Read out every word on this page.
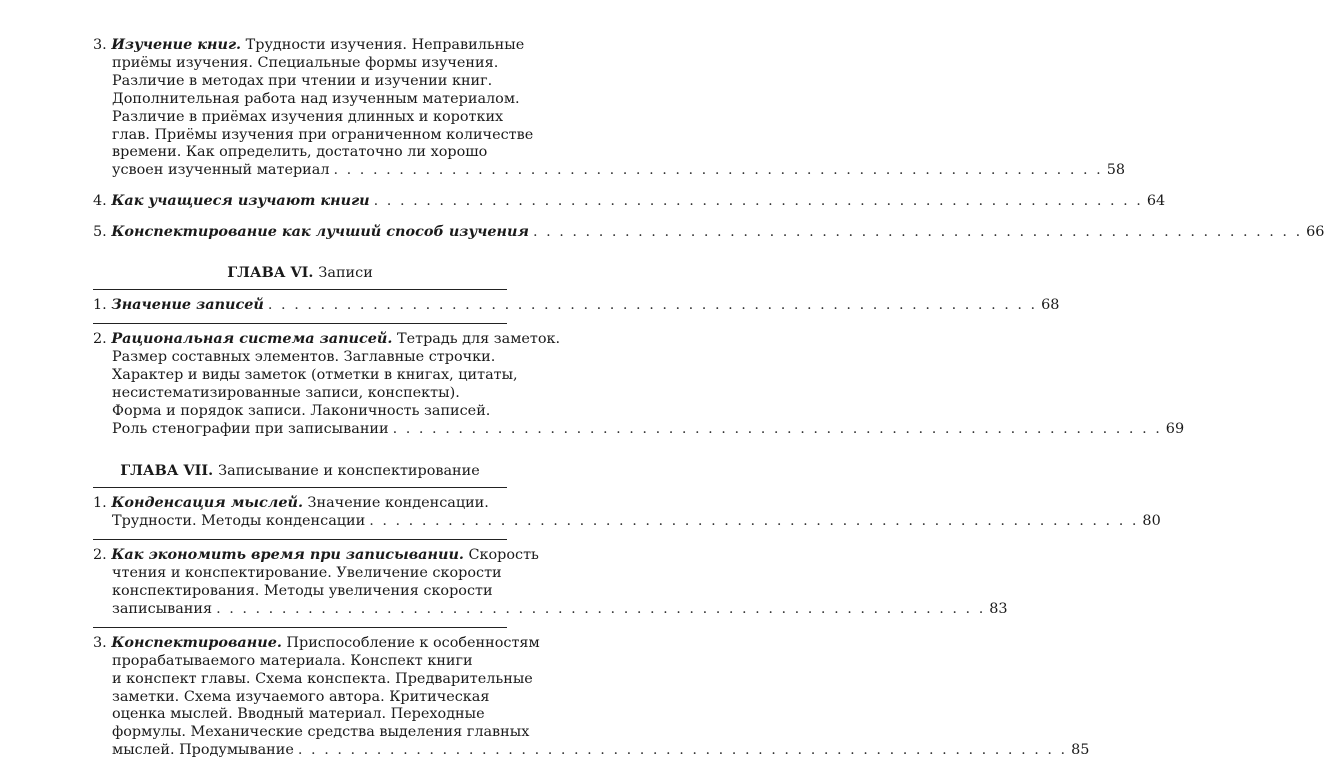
3. Изучение книг. Трудности изучения. Неправильные
приёмы изучения. Специальные формы изучения.
Различие в методах при чтении и изучении книг.
Дополнительная работа над изученным материалом.
Различие в приёмах изучения длинных и коротких
глав. Приёмы изучения при ограниченном количестве
времени. Как определить, достаточно ли хорошо
усвоен изученный материал . . .	58
4. Как учащиеся изучают книги . . .	64
5. Конспектирование как лучший способ изучения . . .	66
ГЛАВА VI. Записи
1. Значение записей . . .	68
2. Рациональная система записей. Тетрадь для заметок.
Размер составных элементов. Заглавные строчки.
Характер и виды заметок (отметки в книгах, цитаты,
несистематизированные записи, конспекты).
Форма и порядок записи. Лаконичность записей.
Роль стенографии при записывании . . .	69
ГЛАВА VII. Записывание и конспектирование
1. Конденсация мыслей. Значение конденсации.
Трудности. Методы конденсации . . .	80
2. Как экономить время при записывании. Скорость
чтения и конспектирование. Увеличение скорости
конспектирования. Методы увеличения скорости
записывания . . .	83
3. Конспектирование. Приспособление к особенностям
прорабатываемого материала. Конспект книги
и конспект главы. Схема конспекта. Предварительные
заметки. Схема изучаемого автора. Критическая
оценка мыслей. Вводный материал. Переходные
формулы. Механические средства выделения главных
мыслей. Продумывание . . .	85
